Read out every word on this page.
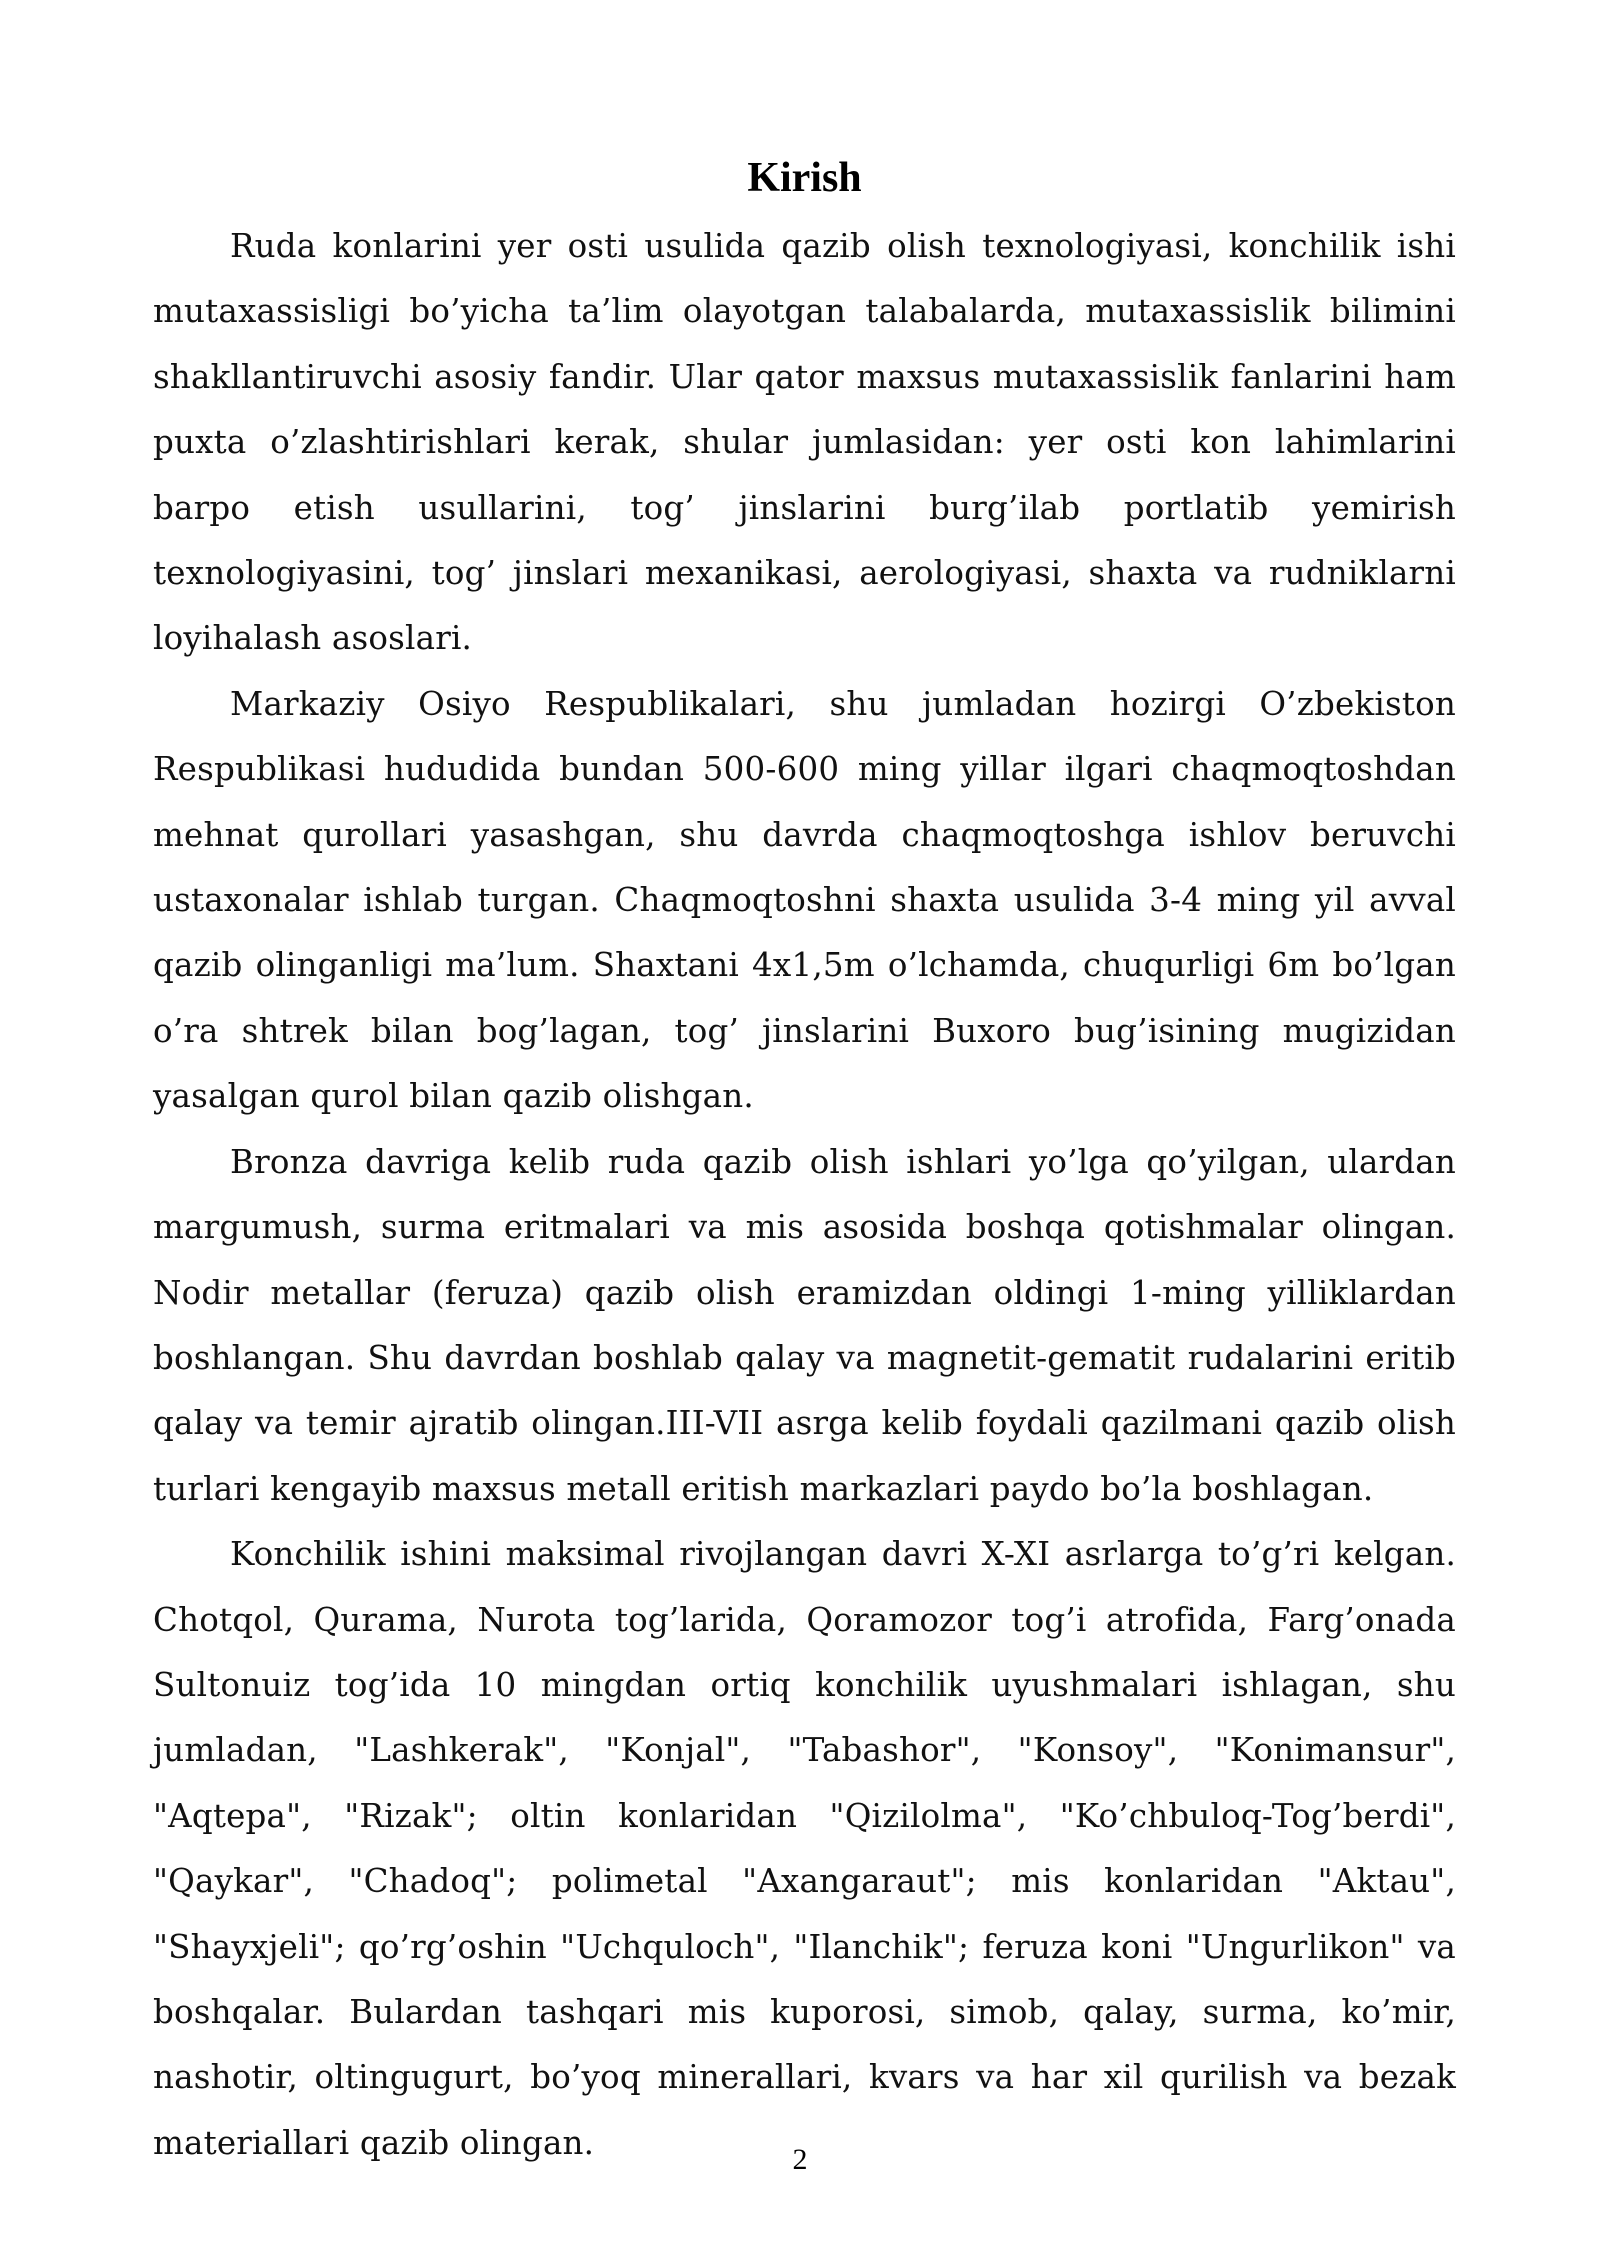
Kirish

Ruda konlarini yer osti usulida qazib olish texnologiyasi, konchilik ishi mutaxassisligi bo’yicha ta’lim olayotgan talabalarda, mutaxassislik bilimini shakllantiruvchi asosiy fandir. Ular qator maxsus mutaxassislik fanlarini ham puxta o’zlashtirishlari kerak, shular jumlasidan: yer osti kon lahimlarini barpo etish usullarini, tog’ jinslarini burg’ilab portlatib yemirish texnologiyasini, tog’ jinslari mexanikasi, aerologiyasi, shaxta va rudniklarni loyihalash asoslari.

Markaziy Osiyo Respublikalari, shu jumladan hozirgi O’zbekiston Respublikasi hududida bundan 500-600 ming yillar ilgari chaqmoqtoshdan mehnat qurollari yasashgan, shu davrda chaqmoqtoshga ishlov beruvchi ustaxonalar ishlab turgan. Chaqmoqtoshni shaxta usulida 3-4 ming yil avval qazib olinganligi ma’lum. Shaxtani 4x1,5m o’lchamda, chuqurligi 6m bo’lgan o’ra shtrek bilan bog’lagan, tog’ jinslarini Buxoro bug’isining mugizidan yasalgan qurol bilan qazib olishgan.

Bronza davriga kelib ruda qazib olish ishlari yo’lga qo’yilgan, ulardan margumush, surma eritmalari va mis asosida boshqa qotishmalar olingan. Nodir metallar (feruza) qazib olish eramizdan oldingi 1-ming yilliklardan boshlangan. Shu davrdan boshlab qalay va magnetit-gematit rudalarini eritib qalay va temir ajratib olingan.III-VII asrga kelib foydali qazilmani qazib olish turlari kengayib maxsus metall eritish markazlari paydo bo’la boshlagan.

Konchilik ishini maksimal rivojlangan davri X-XI asrlarga to’g’ri kelgan. Chotqol, Qurama, Nurota tog’larida, Qoramozor tog’i atrofida, Farg’onada Sultonuiz tog’ida 10 mingdan ortiq konchilik uyushmalari ishlagan, shu jumladan, "Lashkerak", "Konjal", "Tabashor", "Konsoy", "Konimansur", "Aqtepa", "Rizak"; oltin konlaridan "Qizilolma", "Ko’chbuloq-Tog’berdi", "Qaykar", "Chadoq"; polimetal "Axangaraut"; mis konlaridan "Aktau", "Shayxjeli"; qo’rg’oshin "Uchquloch", "Ilanchik"; feruza koni "Ungurlikon" va boshqalar. Bulardan tashqari mis kuporosi, simob, qalay, surma, ko’mir, nashotir, oltingugurt, bo’yoq minerallari, kvars va har xil qurilish va bezak materiallari qazib olingan.	2
